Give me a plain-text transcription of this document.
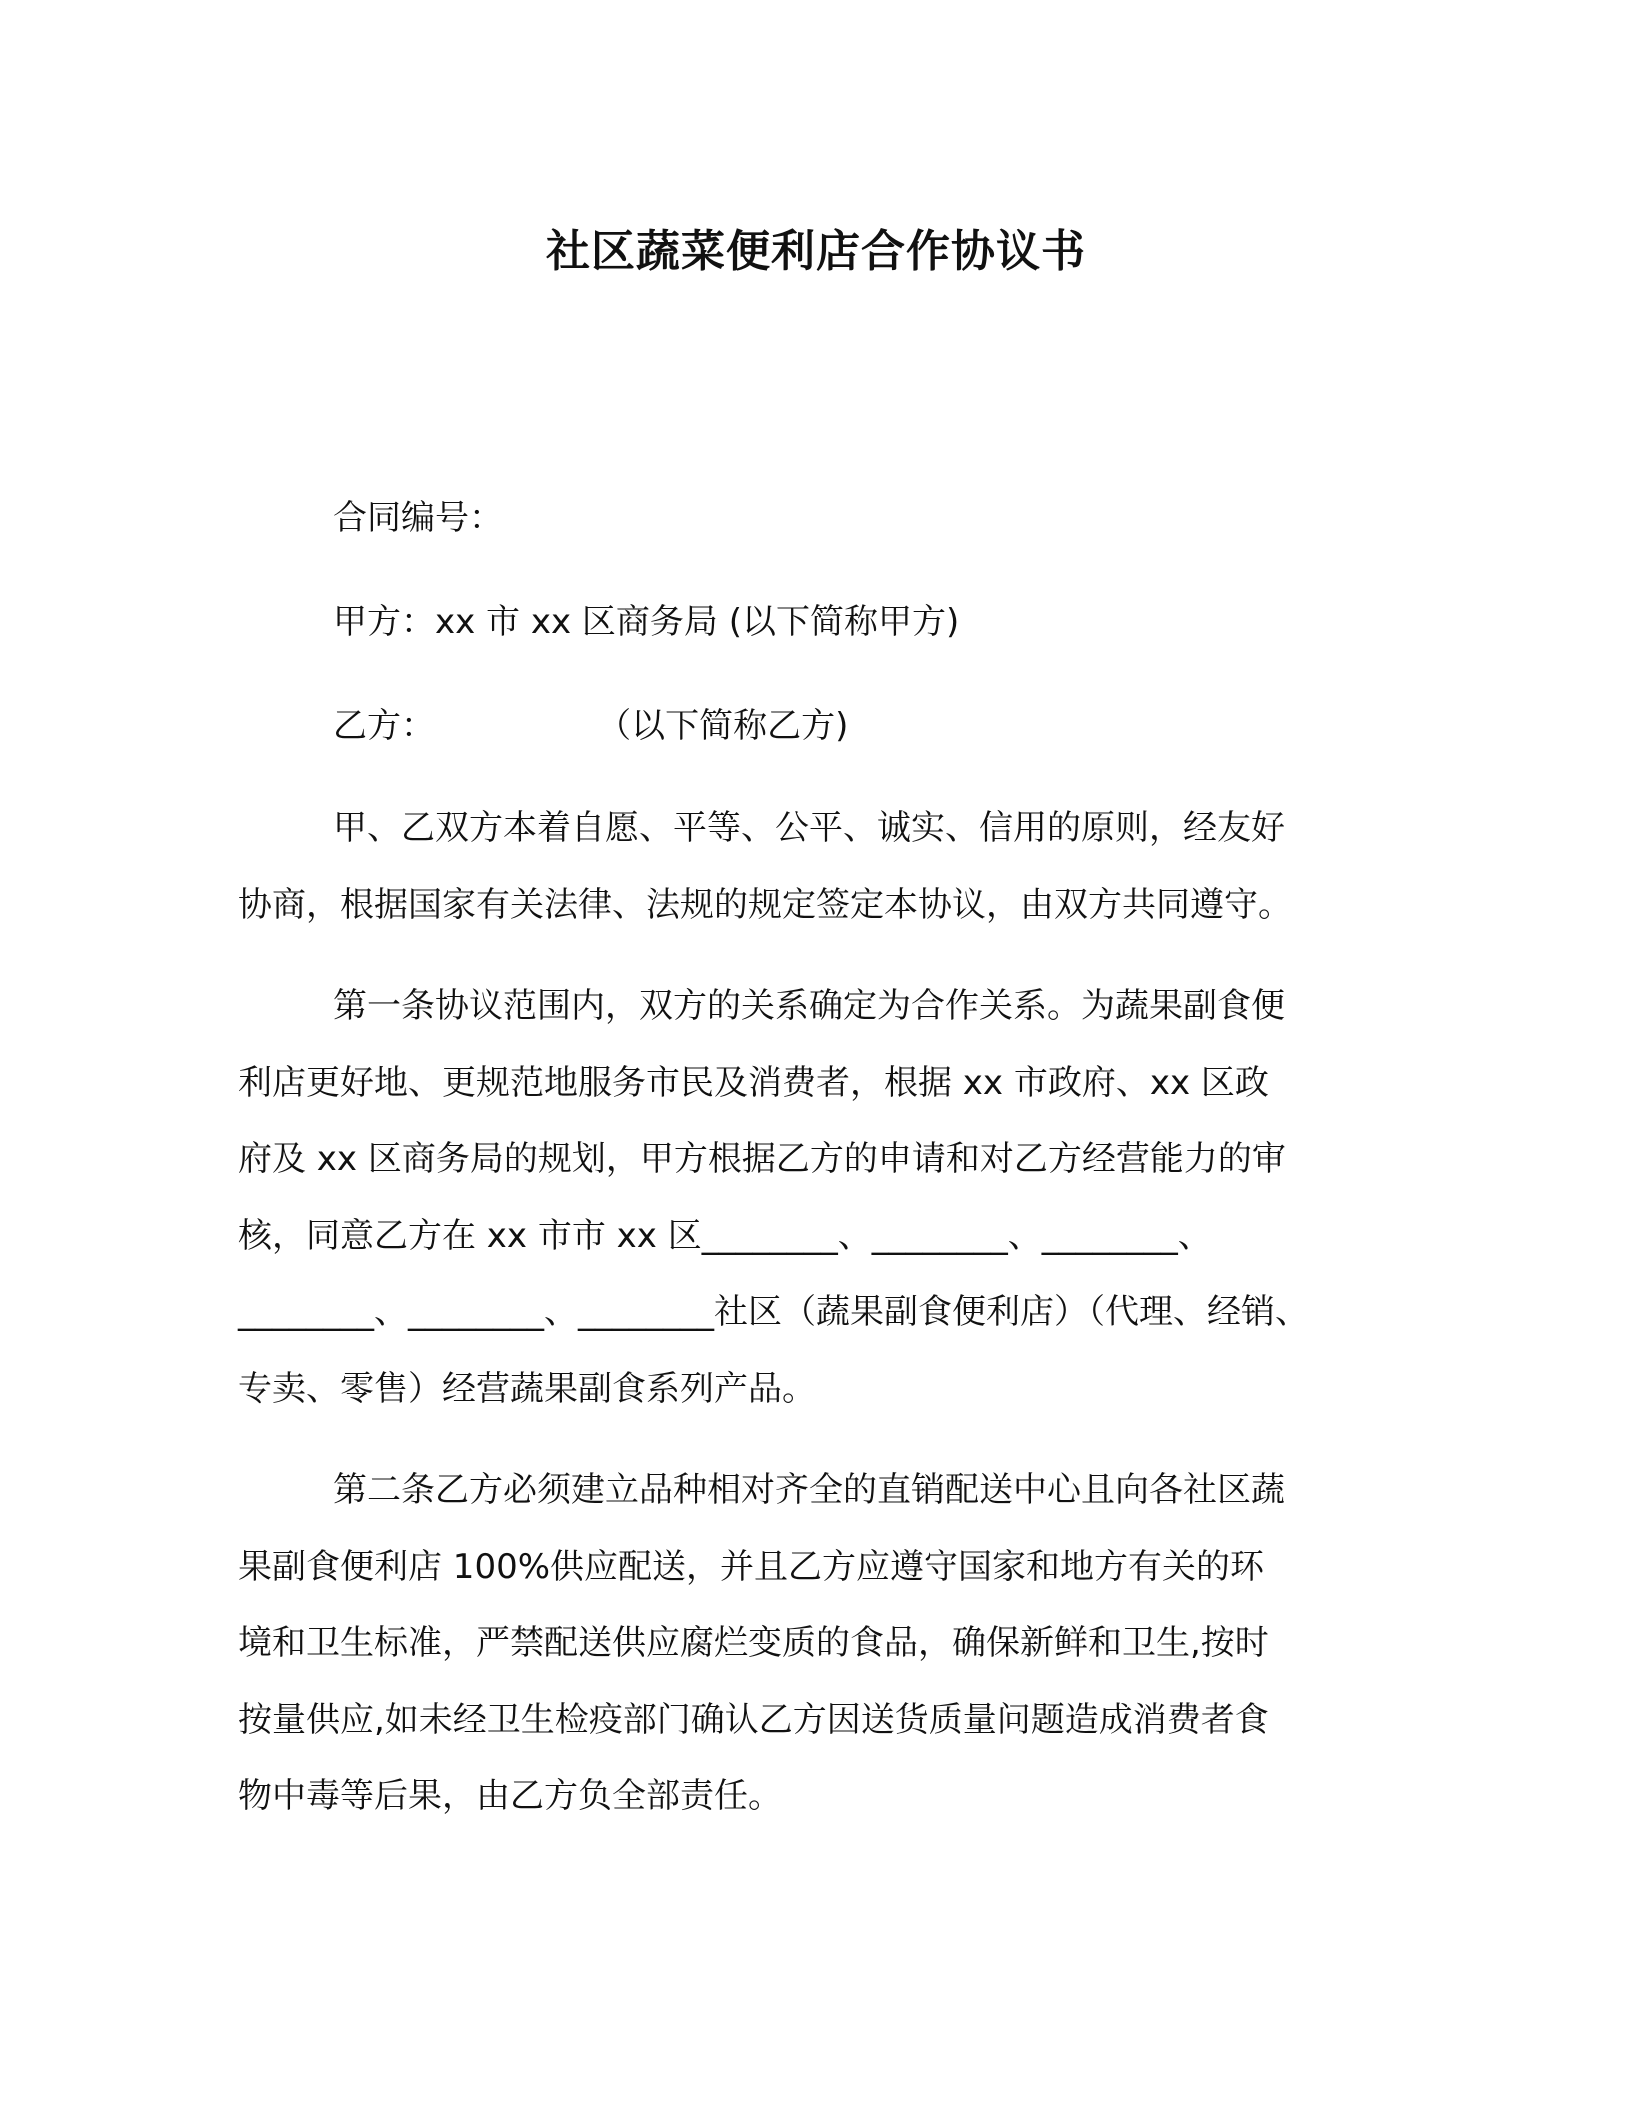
社区蔬菜便利店合作协议书
合同编号：
甲方：xx 市 xx 区商务局 (以下简称甲方)
乙方：               （以下简称乙方)
甲、乙双方本着自愿、平等、公平、诚实、信用的原则，经友好
协商，根据国家有关法律、法规的规定签定本协议，由双方共同遵守。
第一条协议范围内，双方的关系确定为合作关系。为蔬果副食便
利店更好地、更规范地服务市民及消费者，根据 xx 市政府、xx 区政
府及 xx 区商务局的规划，甲方根据乙方的申请和对乙方经营能力的审
核，同意乙方在 xx 市市 xx 区________、________、________、
________、________、________社区（蔬果副食便利店）（代理、经销、
专卖、零售）经营蔬果副食系列产品。
第二条乙方必须建立品种相对齐全的直销配送中心且向各社区蔬
果副食便利店 100%供应配送，并且乙方应遵守国家和地方有关的环
境和卫生标准，严禁配送供应腐烂变质的食品，确保新鲜和卫生,按时
按量供应,如未经卫生检疫部门确认乙方因送货质量问题造成消费者食
物中毒等后果，由乙方负全部责任。
